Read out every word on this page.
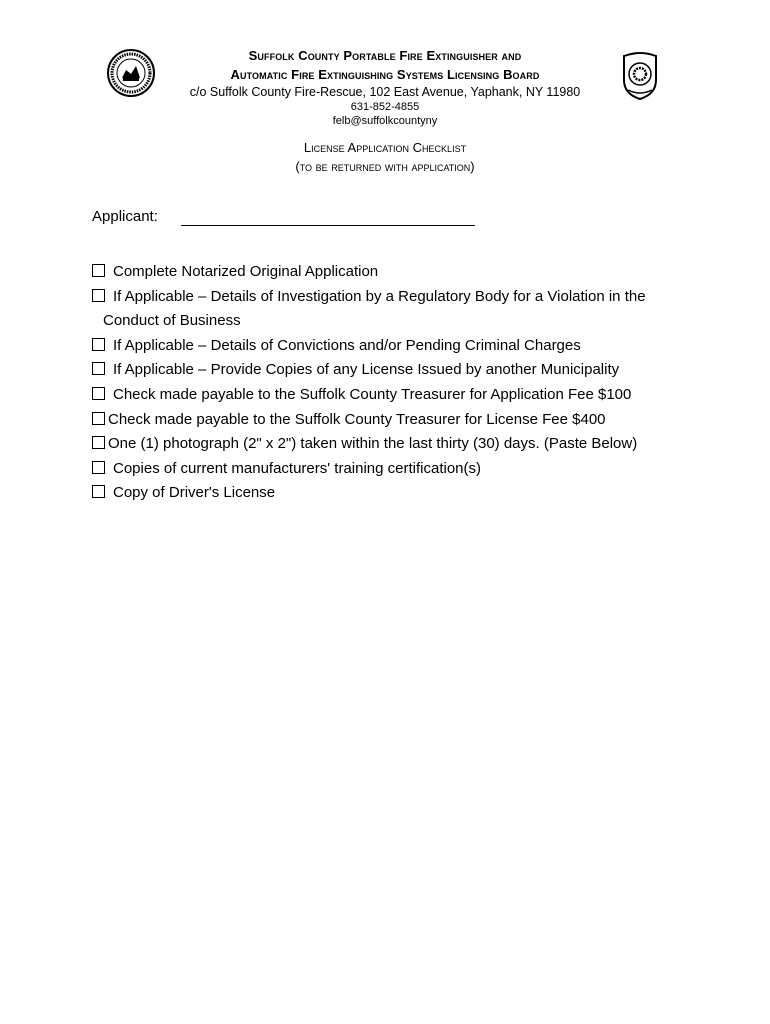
Suffolk County Portable Fire Extinguisher and
Automatic Fire Extinguishing Systems Licensing Board
c/o Suffolk County Fire-Rescue, 102 East Avenue, Yaphank, NY 11980
631-852-4855
felb@suffolkcountyny
License Application Checklist
(to be returned with application)
Applicant:
Complete Notarized Original Application
If Applicable – Details of Investigation by a Regulatory Body for a Violation in the
Conduct of Business
If Applicable – Details of Convictions and/or Pending Criminal Charges
If Applicable – Provide Copies of any License Issued by another Municipality
Check made payable to the Suffolk County Treasurer for Application Fee $100
Check made payable to the Suffolk County Treasurer for License Fee $400
One (1) photograph (2" x 2") taken within the last thirty (30) days. (Paste Below)
Copies of current manufacturers' training certification(s)
Copy of Driver's License
